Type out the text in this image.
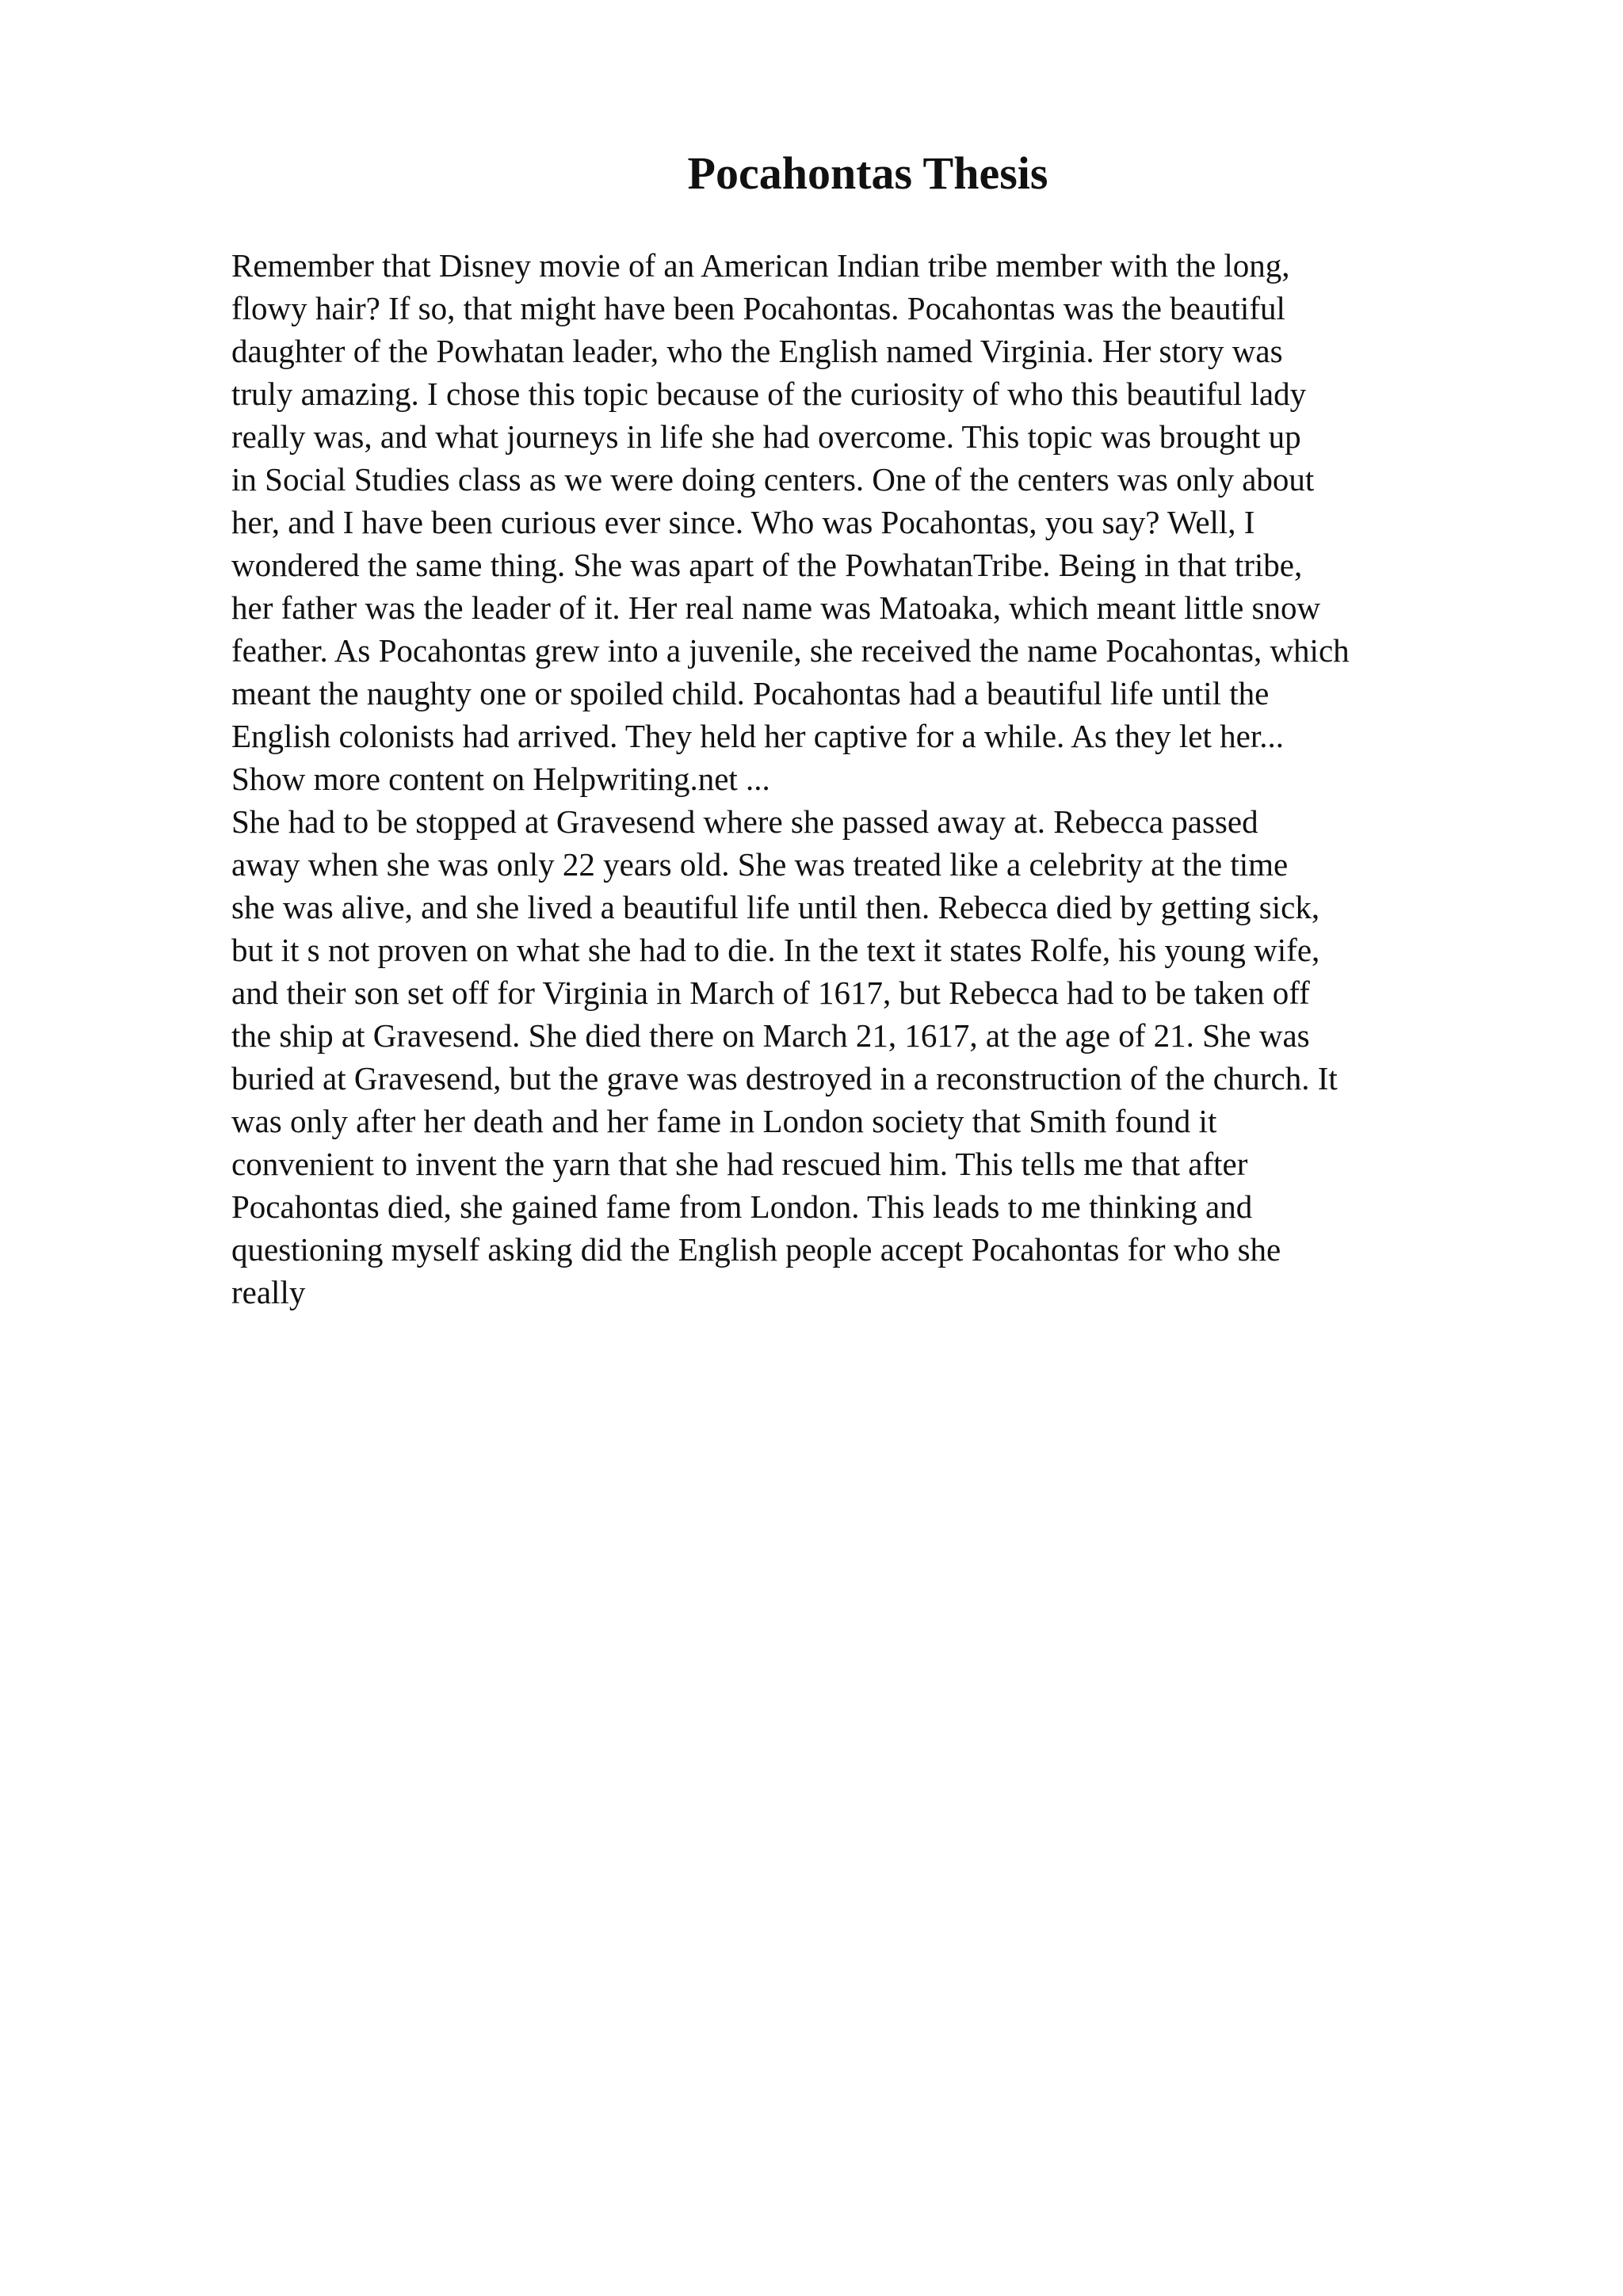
Pocahontas Thesis
Remember that Disney movie of an American Indian tribe member with the long,
flowy hair? If so, that might have been Pocahontas. Pocahontas was the beautiful
daughter of the Powhatan leader, who the English named Virginia. Her story was
truly amazing. I chose this topic because of the curiosity of who this beautiful lady
really was, and what journeys in life she had overcome. This topic was brought up
in Social Studies class as we were doing centers. One of the centers was only about
her, and I have been curious ever since. Who was Pocahontas, you say? Well, I
wondered the same thing. She was apart of the PowhatanTribe. Being in that tribe,
her father was the leader of it. Her real name was Matoaka, which meant little snow
feather. As Pocahontas grew into a juvenile, she received the name Pocahontas, which
meant the naughty one or spoiled child. Pocahontas had a beautiful life until the
English colonists had arrived. They held her captive for a while. As they let her...
Show more content on Helpwriting.net ...
She had to be stopped at Gravesend where she passed away at. Rebecca passed
away when she was only 22 years old. She was treated like a celebrity at the time
she was alive, and she lived a beautiful life until then. Rebecca died by getting sick,
but it s not proven on what she had to die. In the text it states Rolfe, his young wife,
and their son set off for Virginia in March of 1617, but Rebecca had to be taken off
the ship at Gravesend. She died there on March 21, 1617, at the age of 21. She was
buried at Gravesend, but the grave was destroyed in a reconstruction of the church. It
was only after her death and her fame in London society that Smith found it
convenient to invent the yarn that she had rescued him. This tells me that after
Pocahontas died, she gained fame from London. This leads to me thinking and
questioning myself asking did the English people accept Pocahontas for who she
really
